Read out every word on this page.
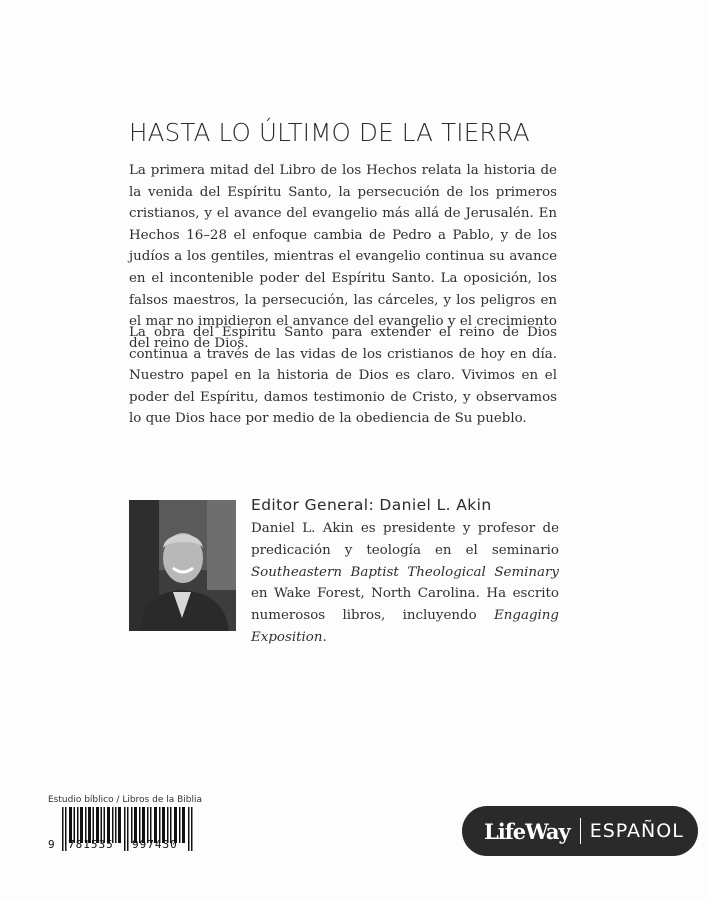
HASTA LO ÚLTIMO DE LA TIERRA
La primera mitad del Libro de los Hechos relata la historia de la venida del Espíritu Santo, la persecución de los primeros cristianos, y el avance del evangelio más allá de Jerusalén. En Hechos 16–28 el enfoque cambia de Pedro a Pablo, y de los judíos a los gentiles, mientras el evangelio continua su avance en el incontenible poder del Espíritu Santo. La oposición, los falsos maestros, la persecución, las cárceles, y los peligros en el mar no impidieron el anvance del evangelio y el crecimiento del reino de Dios.
La obra del Espíritu Santo para extender el reino de Dios continua a través de las vidas de los cristianos de hoy en día. Nuestro papel en la historia de Dios es claro. Vivimos en el poder del Espíritu, damos testimonio de Cristo, y observamos lo que Dios hace por medio de la obediencia de Su pueblo.
Editor General: Daniel L. Akin
Daniel L. Akin es presidente y profesor de predicación y teología en el seminario Southeastern Baptist Theological Seminary en Wake Forest, North Carolina. Ha escrito numerosos libros, incluyendo Engaging Exposition.
Estudio bíblico / Libros de la Biblia
9 781535 997430
LifeWay ESPAÑOL
